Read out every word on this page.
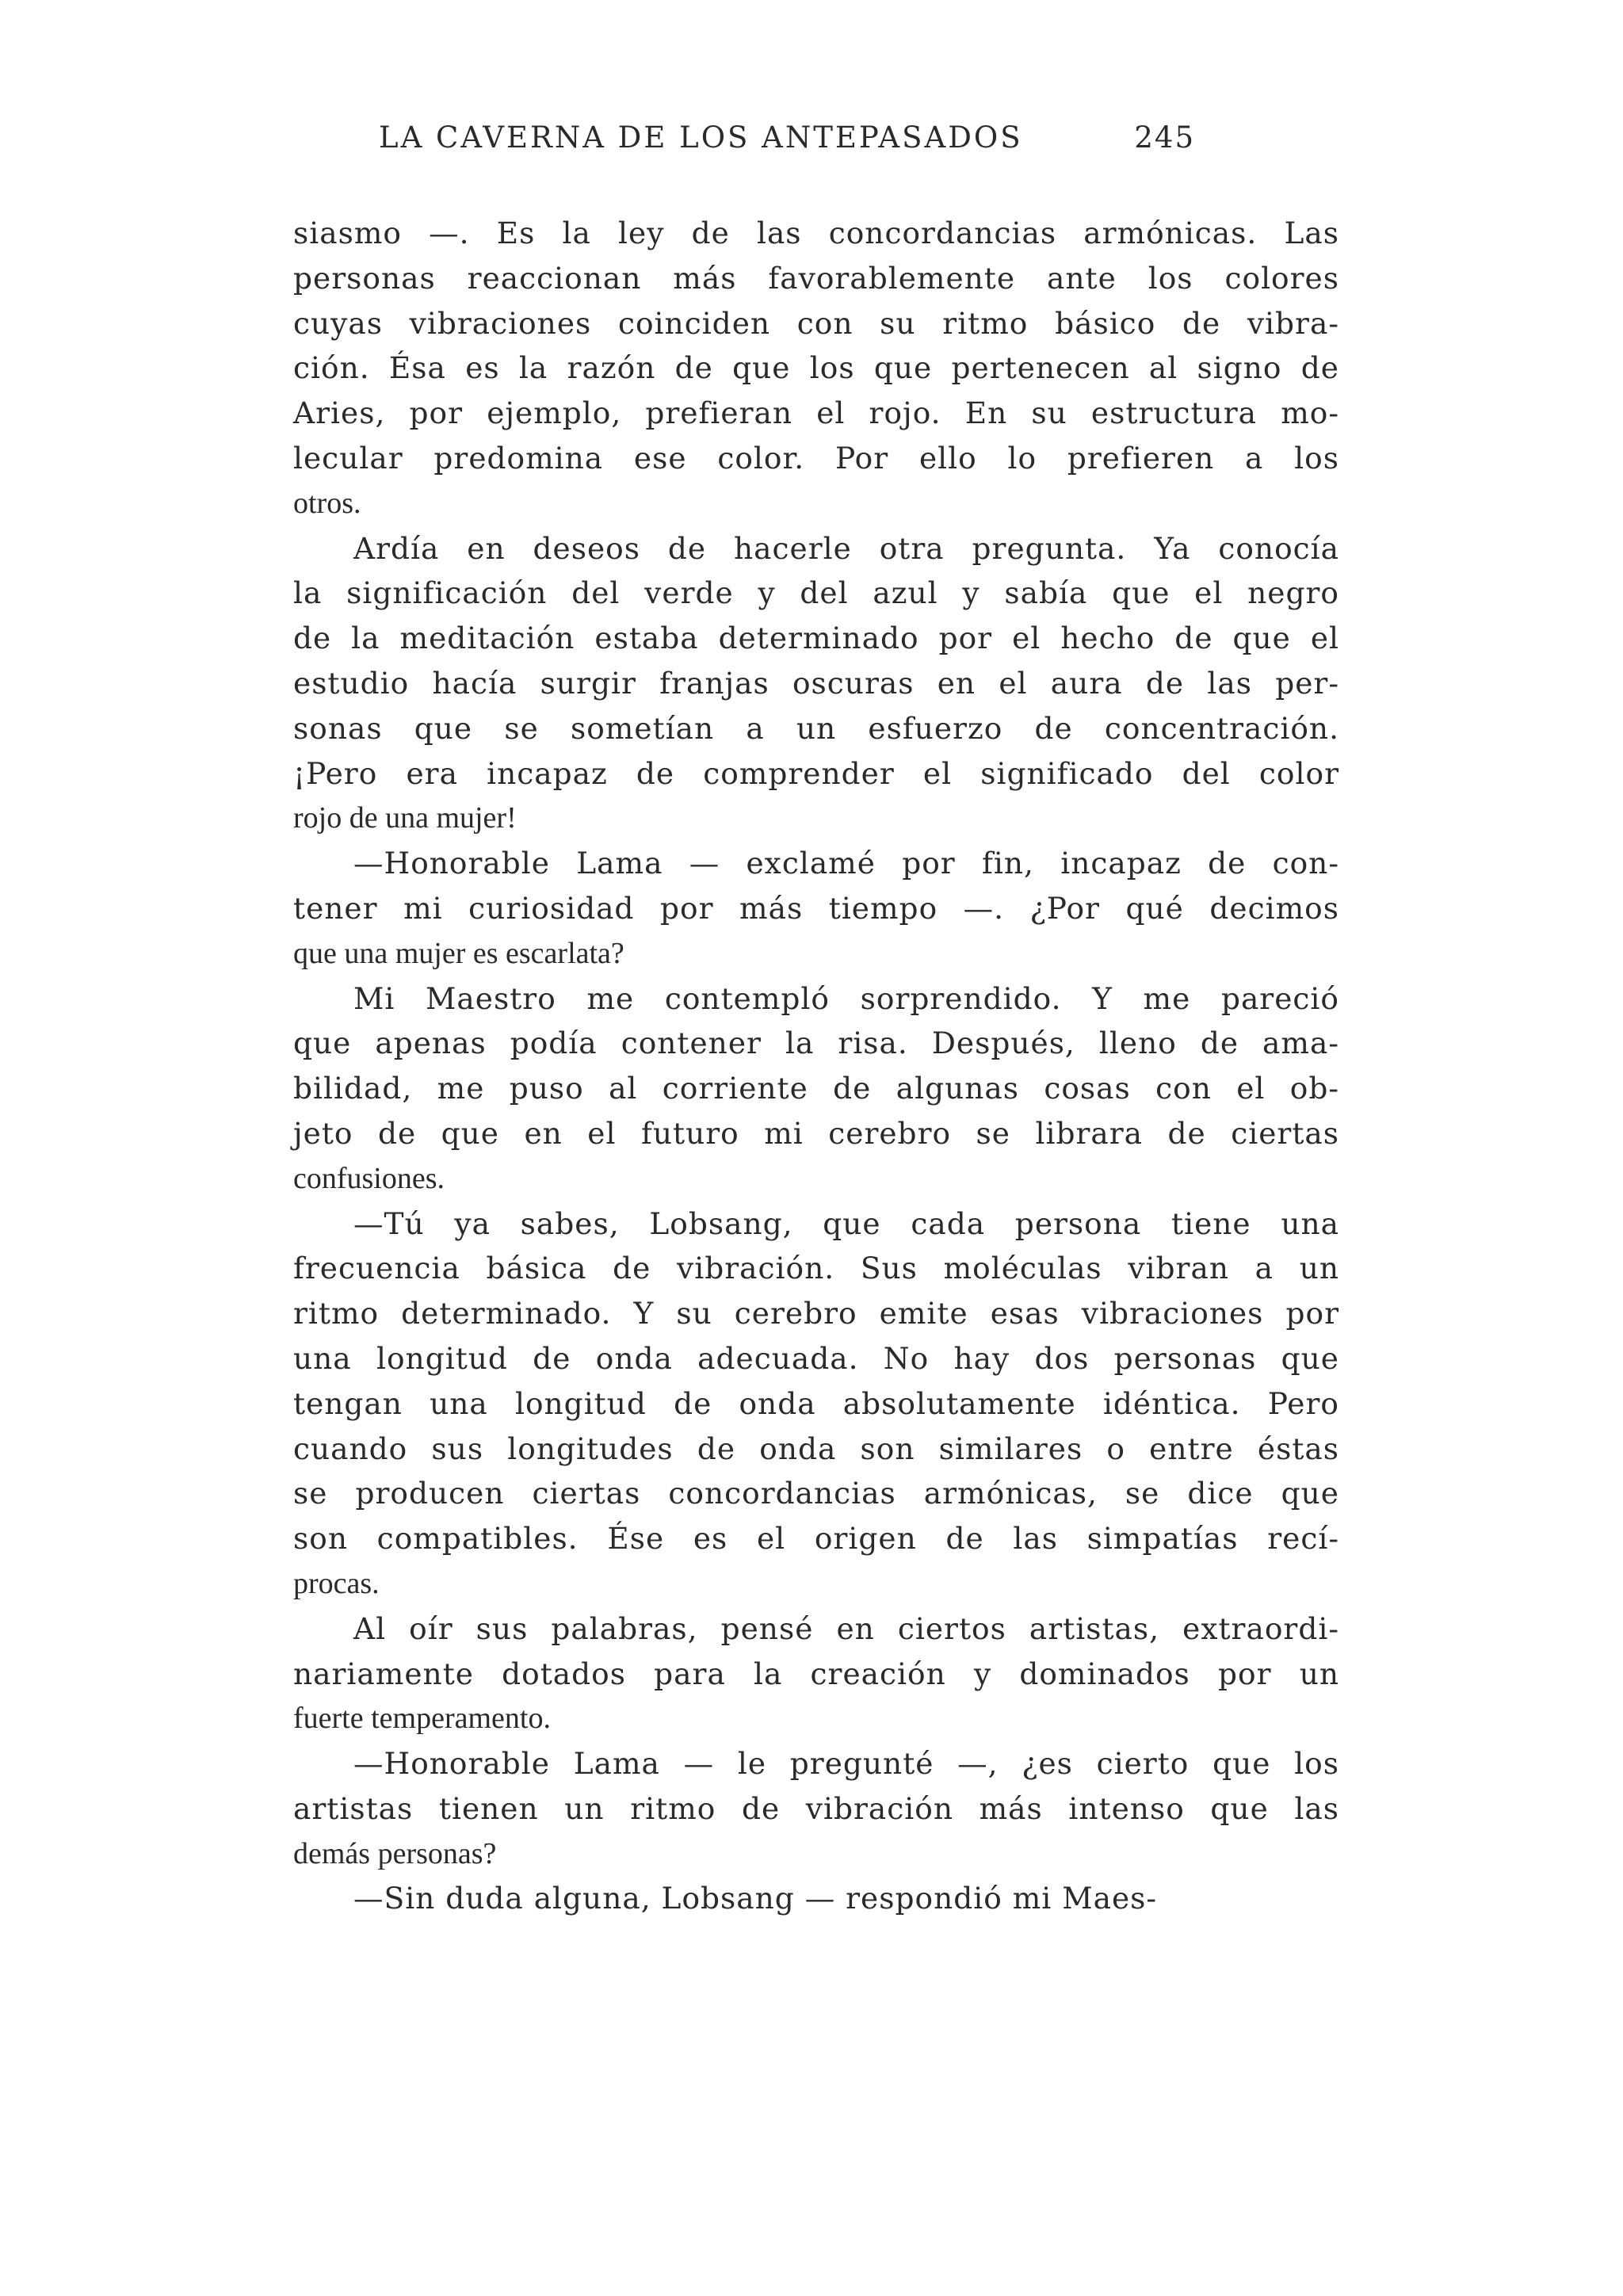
LA CAVERNA DE LOS ANTEPASADOS	245
siasmo —. Es la ley de las concordancias armónicas. Las
personas reaccionan más favorablemente ante los colores
cuyas vibraciones coinciden con su ritmo básico de vibra-
ción. Ésa es la razón de que los que pertenecen al signo de
Aries, por ejemplo, prefieran el rojo. En su estructura mo-
lecular predomina ese color. Por ello lo prefieren a los
otros.
Ardía en deseos de hacerle otra pregunta. Ya conocía
la significación del verde y del azul y sabía que el negro
de la meditación estaba determinado por el hecho de que el
estudio hacía surgir franjas oscuras en el aura de las per-
sonas que se sometían a un esfuerzo de concentración.
¡Pero era incapaz de comprender el significado del color
rojo de una mujer!
—Honorable Lama — exclamé por fin, incapaz de con-
tener mi curiosidad por más tiempo —. ¿Por qué decimos
que una mujer es escarlata?
Mi Maestro me contempló sorprendido. Y me pareció
que apenas podía contener la risa. Después, lleno de ama-
bilidad, me puso al corriente de algunas cosas con el ob-
jeto de que en el futuro mi cerebro se librara de ciertas
confusiones.
—Tú ya sabes, Lobsang, que cada persona tiene una
frecuencia básica de vibración. Sus moléculas vibran a un
ritmo determinado. Y su cerebro emite esas vibraciones por
una longitud de onda adecuada. No hay dos personas que
tengan una longitud de onda absolutamente idéntica. Pero
cuando sus longitudes de onda son similares o entre éstas
se producen ciertas concordancias armónicas, se dice que
son compatibles. Ése es el origen de las simpatías recí-
procas.
Al oír sus palabras, pensé en ciertos artistas, extraordi-
nariamente dotados para la creación y dominados por un
fuerte temperamento.
—Honorable Lama — le pregunté —, ¿es cierto que los
artistas tienen un ritmo de vibración más intenso que las
demás personas?
—Sin duda alguna, Lobsang — respondió mi Maes-
